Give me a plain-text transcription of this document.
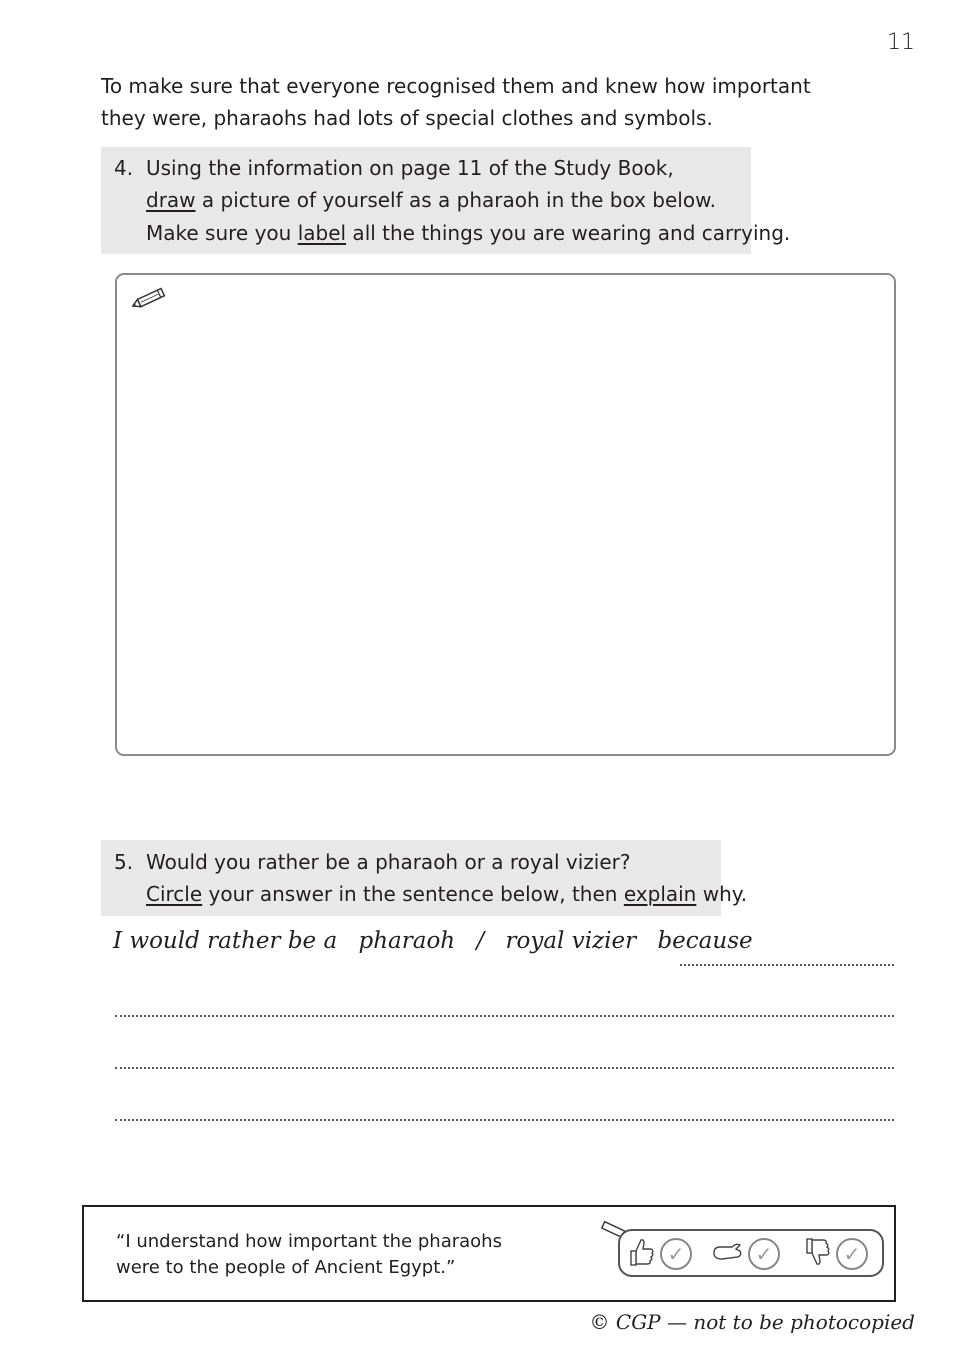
11
To make sure that everyone recognised them and knew how important
they were, pharaohs had lots of special clothes and symbols.
4. Using the information on page 11 of the Study Book,
draw a picture of yourself as a pharaoh in the box below.
Make sure you label all the things you are wearing and carrying.
5. Would you rather be a pharaoh or a royal vizier?
Circle your answer in the sentence below, then explain why.
I would rather be a pharaoh / royal vizier because
“I understand how important the pharaohs
were to the people of Ancient Egypt.”
✓	✓	✓
© CGP — not to be photocopied
